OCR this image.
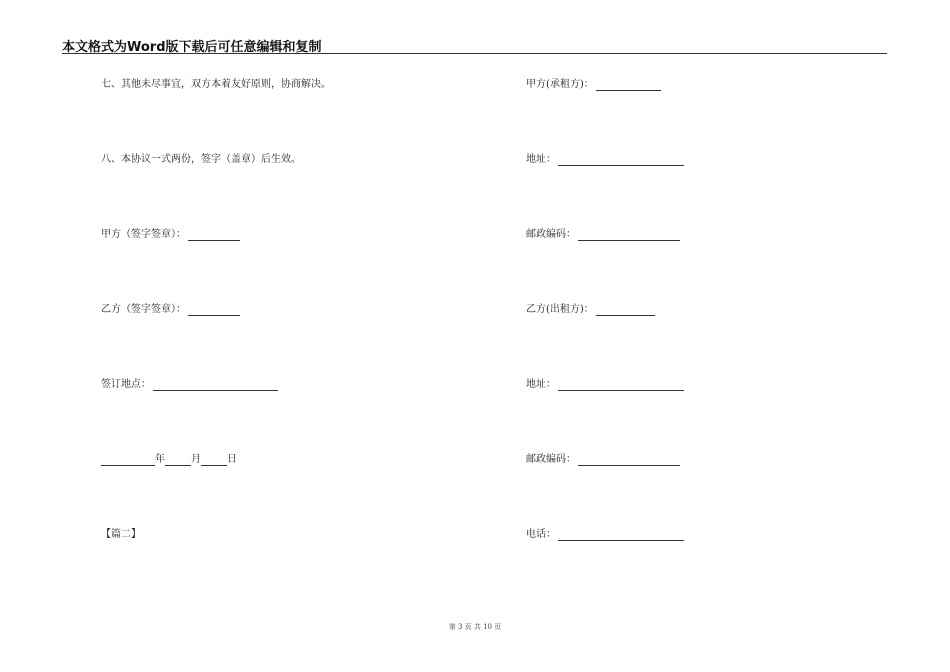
本文格式为Word版下载后可任意编辑和复制
七、其他未尽事宜，双方本着友好原则，协商解决。
八、本协议一式两份，签字（盖章）后生效。
甲方（签字签章）：
乙方（签字签章）：
签订地点：
年	月	日
【篇二】
甲方(承租方)：
地址：
邮政编码：
乙方(出租方)：
地址：
邮政编码：
电话：
第 3 页 共 10 页
